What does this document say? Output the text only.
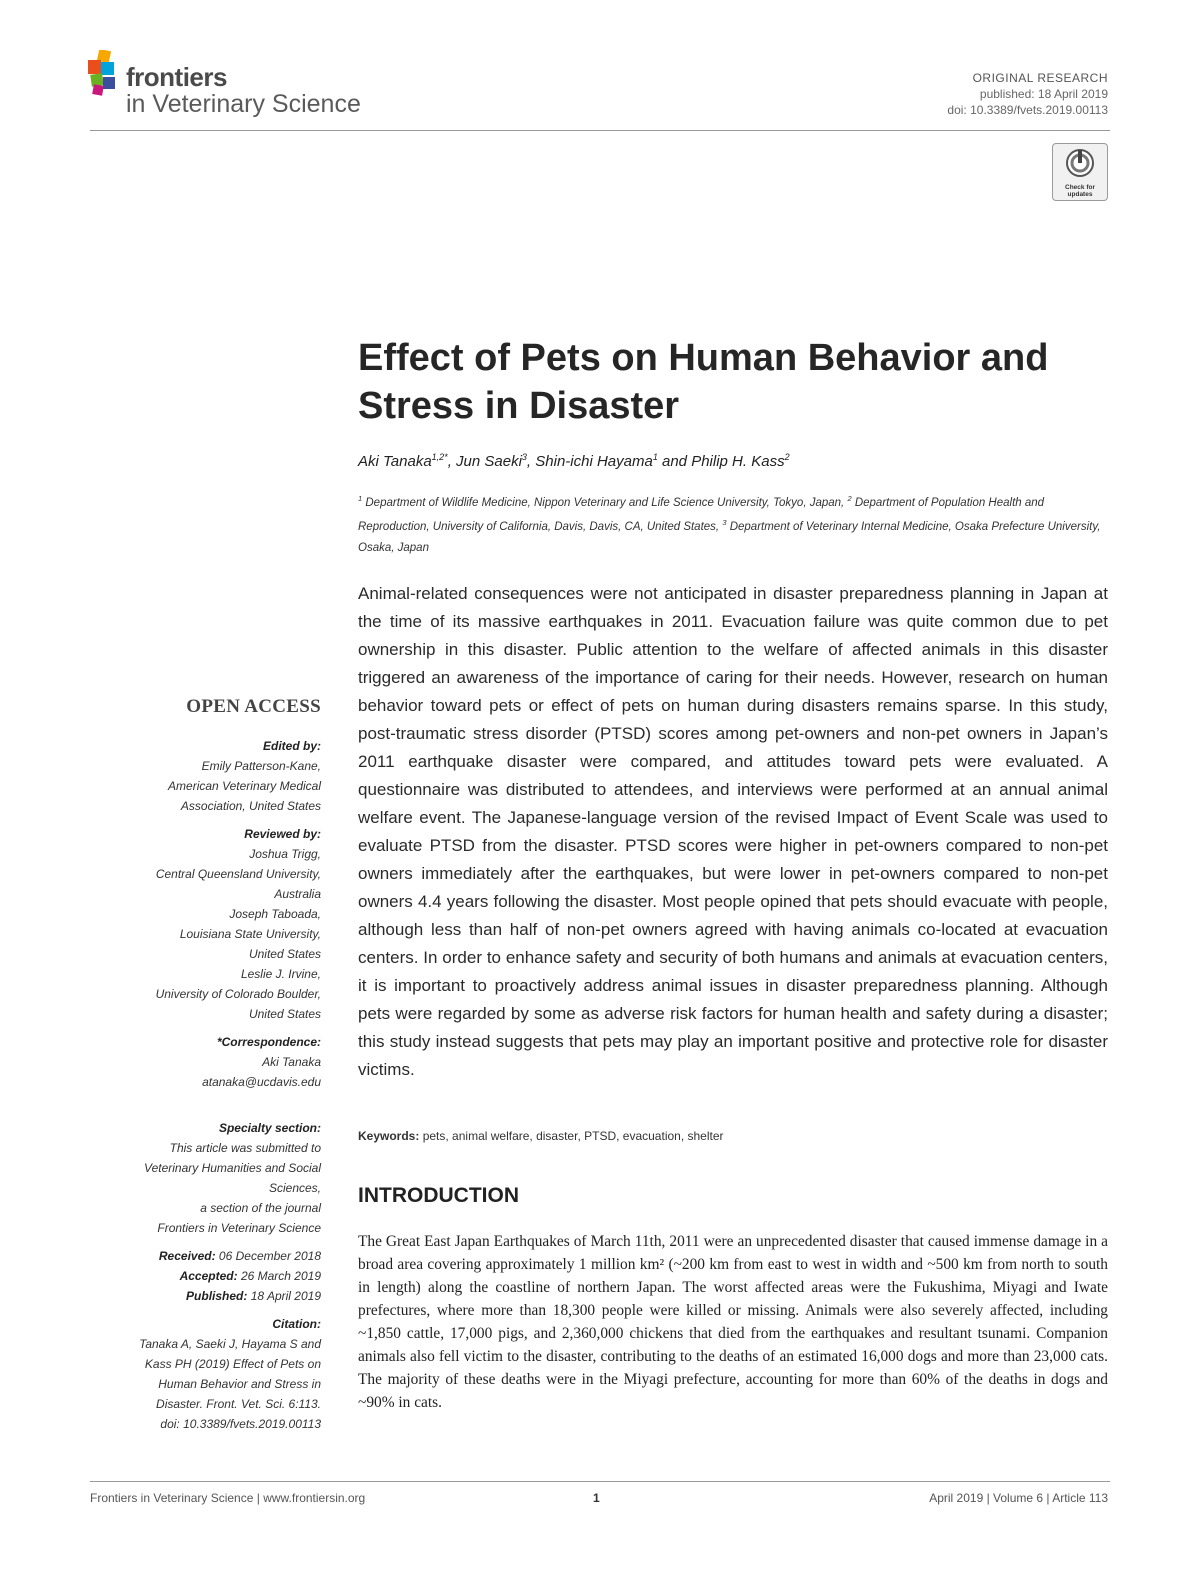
frontiers
in Veterinary Science
ORIGINAL RESEARCH
published: 18 April 2019
doi: 10.3389/fvets.2019.00113
Check for updates
Effect of Pets on Human Behavior and Stress in Disaster
Aki Tanaka$^{1,2*}$, Jun Saeki$^3$, Shin-ichi Hayama$^1$ and Philip H. Kass$^2$
$^1$ Department of Wildlife Medicine, Nippon Veterinary and Life Science University, Tokyo, Japan, $^2$ Department of Population Health and Reproduction, University of California, Davis, Davis, CA, United States, $^3$ Department of Veterinary Internal Medicine, Osaka Prefecture University, Osaka, Japan
Animal-related consequences were not anticipated in disaster preparedness planning in Japan at the time of its massive earthquakes in 2011. Evacuation failure was quite common due to pet ownership in this disaster. Public attention to the welfare of affected animals in this disaster triggered an awareness of the importance of caring for their needs. However, research on human behavior toward pets or effect of pets on human during disasters remains sparse. In this study, post-traumatic stress disorder (PTSD) scores among pet-owners and non-pet owners in Japan’s 2011 earthquake disaster were compared, and attitudes toward pets were evaluated. A questionnaire was distributed to attendees, and interviews were performed at an annual animal welfare event. The Japanese-language version of the revised Impact of Event Scale was used to evaluate PTSD from the disaster. PTSD scores were higher in pet-owners compared to non-pet owners immediately after the earthquakes, but were lower in pet-owners compared to non-pet owners 4.4 years following the disaster. Most people opined that pets should evacuate with people, although less than half of non-pet owners agreed with having animals co-located at evacuation centers. In order to enhance safety and security of both humans and animals at evacuation centers, it is important to proactively address animal issues in disaster preparedness planning. Although pets were regarded by some as adverse risk factors for human health and safety during a disaster; this study instead suggests that pets may play an important positive and protective role for disaster victims.
Keywords: pets, animal welfare, disaster, PTSD, evacuation, shelter
INTRODUCTION
The Great East Japan Earthquakes of March 11th, 2011 were an unprecedented disaster that caused immense damage in a broad area covering approximately 1 million km² (~200 km from east to west in width and ~500 km from north to south in length) along the coastline of northern Japan. The worst affected areas were the Fukushima, Miyagi and Iwate prefectures, where more than 18,300 people were killed or missing. Animals were also severely affected, including ~1,850 cattle, 17,000 pigs, and 2,360,000 chickens that died from the earthquakes and resultant tsunami. Companion animals also fell victim to the disaster, contributing to the deaths of an estimated 16,000 dogs and more than 23,000 cats. The majority of these deaths were in the Miyagi prefecture, accounting for more than 60% of the deaths in dogs and ~90% in cats.
OPEN ACCESS
Edited by:
Emily Patterson-Kane,
American Veterinary Medical
Association, United States
Reviewed by:
Joshua Trigg,
Central Queensland University,
Australia
Joseph Taboada,
Louisiana State University,
United States
Leslie J. Irvine,
University of Colorado Boulder,
United States
*Correspondence:
Aki Tanaka
atanaka@ucdavis.edu
Specialty section:
This article was submitted to
Veterinary Humanities and Social
Sciences,
a section of the journal
Frontiers in Veterinary Science
Received: 06 December 2018
Accepted: 26 March 2019
Published: 18 April 2019
Citation:
Tanaka A, Saeki J, Hayama S and
Kass PH (2019) Effect of Pets on
Human Behavior and Stress in
Disaster. Front. Vet. Sci. 6:113.
doi: 10.3389/fvets.2019.00113
Frontiers in Veterinary Science | www.frontiersin.org	1	April 2019 | Volume 6 | Article 113
